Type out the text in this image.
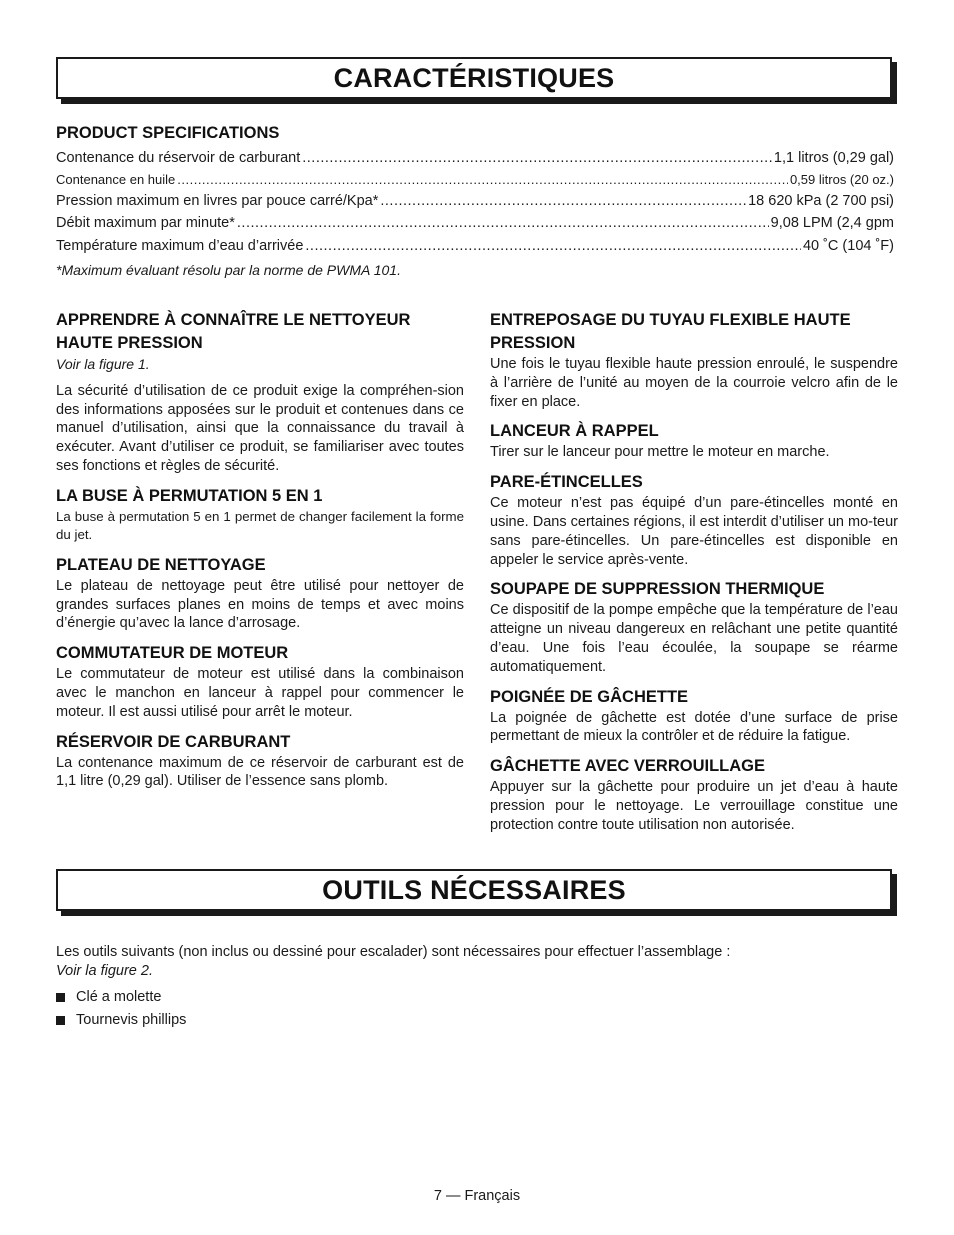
CARACTÉRISTIQUES
PRODUCT SPECIFICATIONS
Contenance du réservoir de carburant .....	1,1 litros (0,29 gal)
Contenance en huile .....	0,59 litros (20 oz.)
Pression maximum en livres par pouce carré/Kpa* .....	18 620 kPa (2 700 psi)
Débit maximum par minute* .....	9,08 LPM (2,4 gpm
Température maximum d’eau d’arrivée .....	40 ˚C (104 ˚F)
*Maximum évaluant résolu par la norme de PWMA 101.
APPRENDRE À CONNAÎTRE LE NETTOYEUR HAUTE PRESSION

Voir la figure 1.

La sécurité d’utilisation de ce produit exige la compréhen-sion des informations apposées sur le produit et contenues dans ce manuel d’utilisation, ainsi que la connaissance du travail à exécuter. Avant d’utiliser ce produit, se familiariser avec toutes ses fonctions et règles de sécurité.

LA BUSE À PERMUTATION 5 EN 1

La buse à permutation 5 en 1 permet de changer facilement la forme du jet.

PLATEAU DE NETTOYAGE

Le plateau de nettoyage peut être utilisé pour nettoyer de grandes surfaces planes en moins de temps et avec moins d’énergie qu’avec la lance d’arrosage.

COMMUTATEUR DE MOTEUR

Le commutateur de moteur est utilisé dans la combinaison avec le manchon en lanceur à rappel pour commencer le moteur. Il est aussi utilisé pour arrêt le moteur.

RÉSERVOIR DE CARBURANT

La contenance maximum de ce réservoir de carburant est de 1,1 litre (0,29 gal). Utiliser de l’essence sans plomb.

ENTREPOSAGE DU TUYAU FLEXIBLE HAUTE PRESSION

Une fois le tuyau flexible haute pression enroulé, le suspendre à l’arrière de l’unité au moyen de la courroie velcro afin de le fixer en place.

LANCEUR À RAPPEL

Tirer sur le lanceur pour mettre le moteur en marche.

PARE-ÉTINCELLES

Ce moteur n’est pas équipé d’un pare-étincelles monté en usine. Dans certaines régions, il est interdit d’utiliser un mo-teur sans pare-étincelles. Un pare-étincelles est disponible en appeler le service après-vente.

SOUPAPE DE SUPPRESSION THERMIQUE

Ce dispositif de la pompe empêche que la température de l’eau atteigne un niveau dangereux en relâchant une petite quantité d’eau. Une fois l’eau écoulée, la soupape se réarme automatiquement.

POIGNÉE DE GÂCHETTE

La poignée de gâchette est dotée d’une surface de prise permettant de mieux la contrôler et de réduire la fatigue.

GÂCHETTE AVEC VERROUILLAGE

Appuyer sur la gâchette pour produire un jet d’eau à haute pression pour le nettoyage. Le verrouillage constitue une protection contre toute utilisation non autorisée.

OUTILS NÉCESSAIRES

Les outils suivants (non inclus ou dessiné pour escalader) sont nécessaires pour effectuer l’assemblage :

Voir la figure 2.

Clé a molette
Tournevis phillips
7 — Français
